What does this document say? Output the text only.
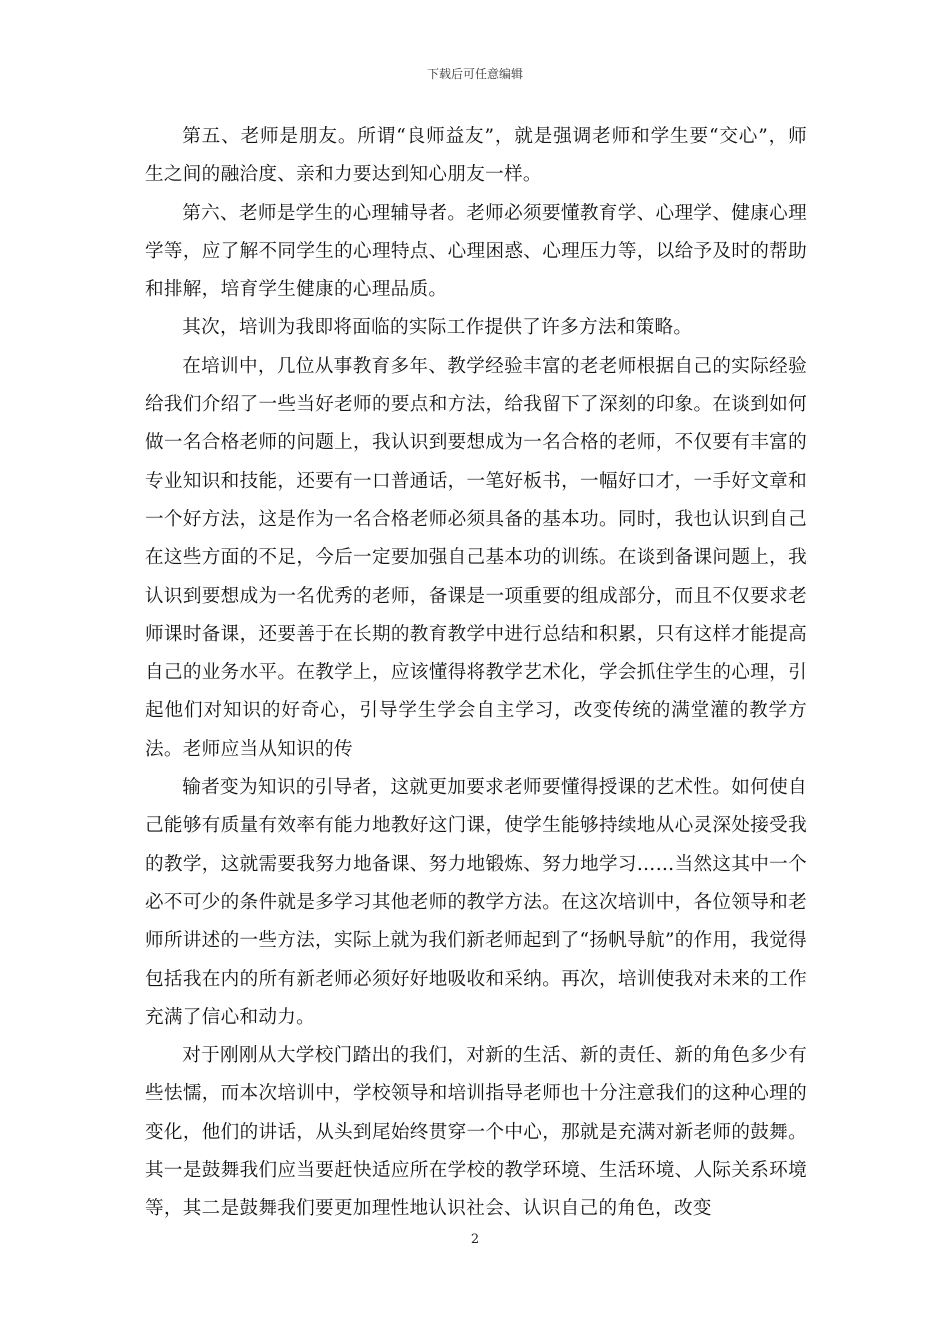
下载后可任意编辑

第五、老师是朋友。所谓“良师益友”，就是强调老师和学生要“交心”，师生之间的融洽度、亲和力要达到知心朋友一样。

第六、老师是学生的心理辅导者。老师必须要懂教育学、心理学、健康心理学等，应了解不同学生的心理特点、心理困惑、心理压力等，以给予及时的帮助和排解，培育学生健康的心理品质。

其次，培训为我即将面临的实际工作提供了许多方法和策略。

在培训中，几位从事教育多年、教学经验丰富的老老师根据自己的实际经验给我们介绍了一些当好老师的要点和方法，给我留下了深刻的印象。在谈到如何做一名合格老师的问题上，我认识到要想成为一名合格的老师，不仅要有丰富的专业知识和技能，还要有一口普通话，一笔好板书，一幅好口才，一手好文章和一个好方法，这是作为一名合格老师必须具备的基本功。同时，我也认识到自己在这些方面的不足，今后一定要加强自己基本功的训练。在谈到备课问题上，我认识到要想成为一名优秀的老师，备课是一项重要的组成部分，而且不仅要求老师课时备课，还要善于在长期的教育教学中进行总结和积累，只有这样才能提高自己的业务水平。在教学上，应该懂得将教学艺术化，学会抓住学生的心理，引起他们对知识的好奇心，引导学生学会自主学习，改变传统的满堂灌的教学方法。老师应当从知识的传

输者变为知识的引导者，这就更加要求老师要懂得授课的艺术性。如何使自己能够有质量有效率有能力地教好这门课，使学生能够持续地从心灵深处接受我的教学，这就需要我努力地备课、努力地锻炼、努力地学习……当然这其中一个必不可少的条件就是多学习其他老师的教学方法。在这次培训中，各位领导和老师所讲述的一些方法，实际上就为我们新老师起到了“扬帆导航”的作用，我觉得包括我在内的所有新老师必须好好地吸收和采纳。再次，培训使我对未来的工作充满了信心和动力。

对于刚刚从大学校门踏出的我们，对新的生活、新的责任、新的角色多少有些怯懦，而本次培训中，学校领导和培训指导老师也十分注意我们的这种心理的变化，他们的讲话，从头到尾始终贯穿一个中心，那就是充满对新老师的鼓舞。其一是鼓舞我们应当要赶快适应所在学校的教学环境、生活环境、人际关系环境等，其二是鼓舞我们要更加理性地认识社会、认识自己的角色，改变

2
